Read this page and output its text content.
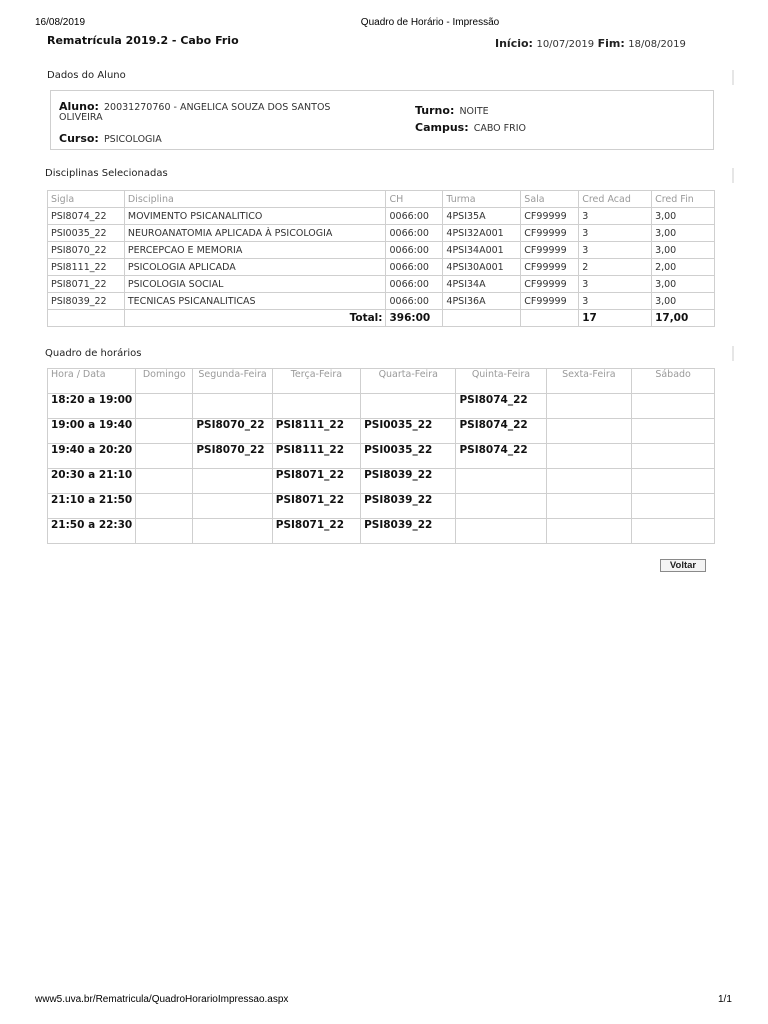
16/08/2019	Quadro de Horário - Impressão
Rematrícula 2019.2 - Cabo Frio	Início: 10/07/2019 Fim: 18/08/2019
Dados do Aluno
Aluno: 20031270760 - ANGELICA SOUZA DOS SANTOS
OLIVEIRA
Curso: PSICOLOGIA
Turno: NOITE
Campus: CABO FRIO
Disciplinas Selecionadas
Sigla	Disciplina	CH	Turma	Sala	Cred Acad	Cred Fin
PSI8074_22	MOVIMENTO PSICANALITICO	0066:00	4PSI35A	CF99999	3	3,00
PSI0035_22	NEUROANATOMIA APLICADA À PSICOLOGIA	0066:00	4PSI32A001	CF99999	3	3,00
PSI8070_22	PERCEPCAO E MEMORIA	0066:00	4PSI34A001	CF99999	3	3,00
PSI8111_22	PSICOLOGIA APLICADA	0066:00	4PSI30A001	CF99999	2	2,00
PSI8071_22	PSICOLOGIA SOCIAL	0066:00	4PSI34A	CF99999	3	3,00
PSI8039_22	TECNICAS PSICANALITICAS	0066:00	4PSI36A	CF99999	3	3,00
	Total:	396:00			17	17,00
Quadro de horários
Hora / Data	Domingo	Segunda-Feira	Terça-Feira	Quarta-Feira	Quinta-Feira	Sexta-Feira	Sábado
18:20 a 19:00					PSI8074_22		
19:00 a 19:40		PSI8070_22	PSI8111_22	PSI0035_22	PSI8074_22		
19:40 a 20:20		PSI8070_22	PSI8111_22	PSI0035_22	PSI8074_22		
20:30 a 21:10			PSI8071_22	PSI8039_22			
21:10 a 21:50			PSI8071_22	PSI8039_22			
21:50 a 22:30			PSI8071_22	PSI8039_22			
Voltar
www5.uva.br/Rematricula/QuadroHorarioImpressao.aspx	1/1
